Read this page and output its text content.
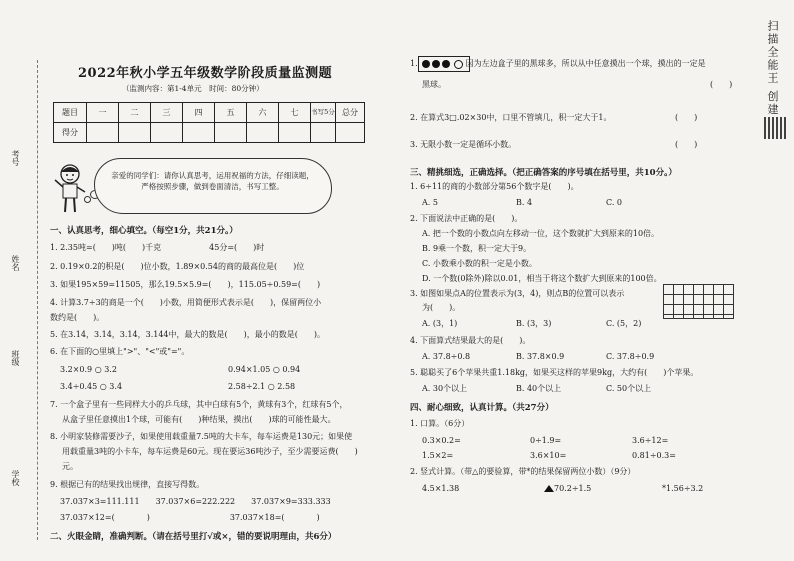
考号
姓名
班级
学校
2022年秋小学五年级数学阶段质量监测题
（监测内容：第1-4单元　时间：80分钟）
题目	一	二	三	四	五	六	七	书写5分	总分
得分									
亲爱的同学们：请你认真思考，运用祝福的方法，仔细读题，严格按照步骤，做到卷面清洁，书写工整。
一、认真思考，细心填空。（每空1分，共21分。）
1. 2.35吨=(　　)吨(　　)千克　　　　　　45分=(　　)时
2. 0.19×0.2的积是(　　)位小数，1.89×0.54的商的最高位是(　　)位
3. 如果195×59=11505，那么19.5×5.9=(　　)，115.05÷0.59=(　　)
4. 计算3.7÷3的商是一个(　　)小数，用简便形式表示是(　　)，保留两位小
数约是(　　)。
5. 在3.14，3.14，3.14，3.144中，最大的数是(　　)，最小的数是(　　)。
6. 在下面的○里填上">"、"<"或"="。
3.2×0.9 ○ 3.2	0.94×1.05 ○ 0.94
3.4÷0.45 ○ 3.4	2.58÷2.1 ○ 2.58
7. 一个盒子里有一些同样大小的乒乓球，其中白球有5个，黄球有3个，红球有5个，
从盒子里任意摸出1个球，可能有(　　)种结果，摸出(　　)球的可能性最大。
8. 小明家装修需要沙子，如果使用载重量7.5吨的大卡车，每车运费是130元；如果使
用载重量3吨的小卡车，每车运费是60元。现在要运36吨沙子，至少需要运费(　　)
元。
9. 根据已有的结果找出规律，直接写得数。
37.037×3=111.111　　37.037×6=222.222　　37.037×9=333.333
37.037×12=(　　　　)　　　　　　　　　　37.037×18=(　　　　)
二、火眼金睛，准确判断。（请在括号里打√或×，错的要说明理由，共6分）
1.　　　　　　因为左边盒子里的黑球多，所以从中任意摸出一个球，摸出的一定是
黑球。	(　　)
2. 在算式3□.02×30中，口里不管填几，积一定大于1。	(　　)
3. 无限小数一定是循环小数。	(　　)
三、精挑细选，正确选择。（把正确答案的序号填在括号里，共10分。）
1. 6÷11的商的小数部分第56个数字是(　　)。
A. 5	B. 4	C. 0
2. 下面说法中正确的是(　　)。
A. 把一个数的小数点向左移动一位，这个数就扩大到原来的10倍。
B. 9乘一个数，积一定大于9。
C. 小数乘小数的积一定是小数。
D. 一个数(0除外)除以0.01，相当于将这个数扩大到原来的100倍。
3. 如图如果点A的位置表示为(3，4)，则点B的位置可以表示
为(　　)。
A. (3，1)	B. (3，3)	C. (5，2)
4. 下面算式结果最大的是(　　)。
A. 37.8÷0.8	B. 37.8×0.9	C. 37.8÷0.9
5. 聪聪买了6个苹果共重1.18kg，如果买这样的苹果9kg，大约有(　　)个苹果。
A. 30个以上	B. 40个以上	C. 50个以上
四、耐心细致，认真计算。（共27分）
1. 口算。（6分）
0.3×0.2=	0÷1.9=	3.6÷12=
1.5×2=	3.6×10=	0.81÷0.3=
2. 竖式计算。（带△的要验算，带*的结果保留两位小数）（9分）
4.5×1.38	70.2÷1.5	*1.56÷3.2
扫描全能王 创建
